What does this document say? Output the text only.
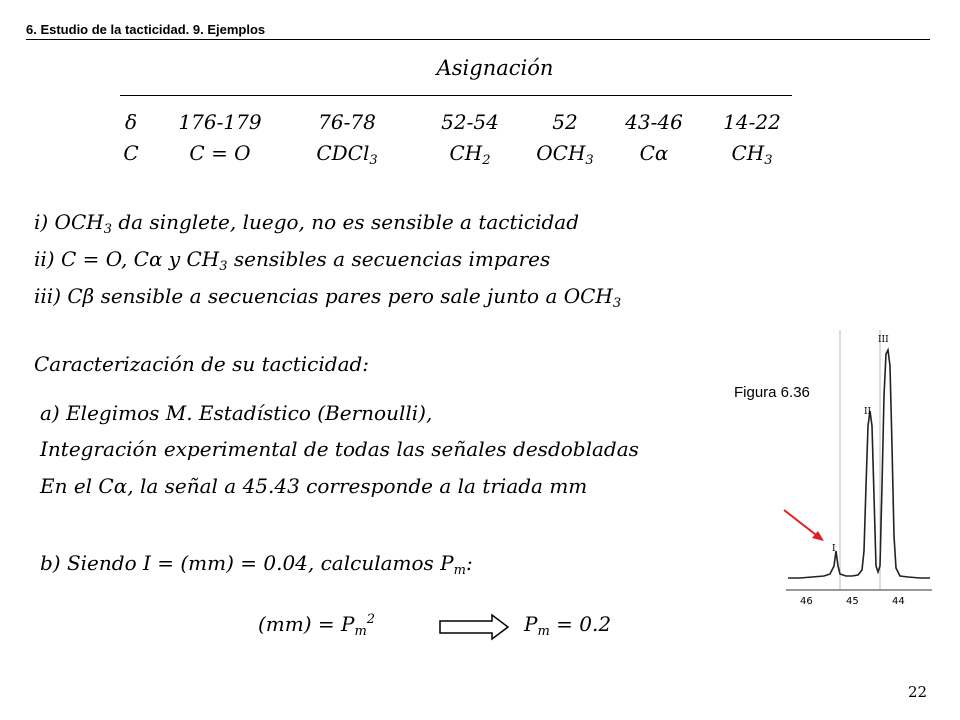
6. Estudio de la tacticidad. 9. Ejemplos
Asignación
δ	176-179	76-78	52-54	52	43-46	14-22
C	C = O	CDCl$_3$	$CH_2$	$OCH_3$	Cα	$CH_3$
i) $OCH_3$ da singlete, luego, no es sensible a tacticidad
ii) C = O, Cα y $CH_3$ sensibles a secuencias impares
iii) Cβ sensible a secuencias pares pero sale junto a $OCH_3$
Caracterización de su tacticidad:
a) Elegimos M. Estadístico (Bernoulli),
Integración experimental de todas las señales desdobladas
En el Cα, la señal a 45.43 corresponde a la triada mm
b) Siendo I = (mm) = 0.04, calculamos $P_m$:
$(mm) = P_m^2$	$P_m = 0.2$
Figura 6.36
I
II
III
46	45	44
22
